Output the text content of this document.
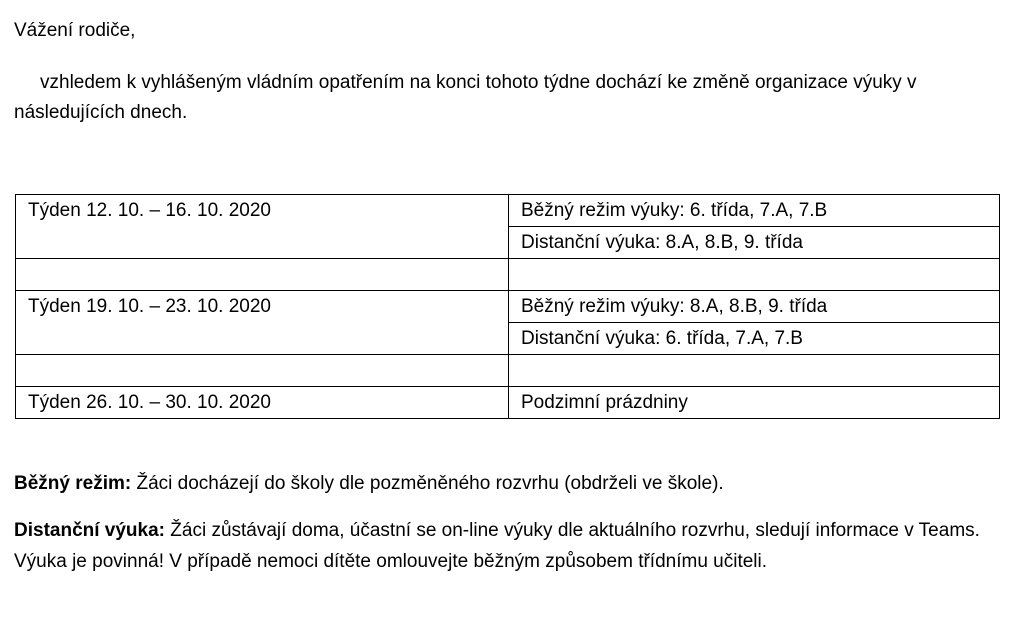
Vážení rodiče,
vzhledem k vyhlášeným vládním opatřením na konci tohoto týdne dochází ke změně organizace výuky v následujících dnech.
Týden 12. 10. – 16. 10. 2020	Běžný režim výuky: 6. třída, 7.A, 7.B
	Distanční výuka: 8.A, 8.B, 9. třída

Týden 19. 10. – 23. 10. 2020	Běžný režim výuky: 8.A, 8.B, 9. třída
	Distanční výuka: 6. třída, 7.A, 7.B

Týden 26. 10. – 30. 10. 2020	Podzimní prázdniny
Běžný režim: Žáci docházejí do školy dle pozměněného rozvrhu (obdrželi ve škole).
Distanční výuka: Žáci zůstávají doma, účastní se on-line výuky dle aktuálního rozvrhu, sledují informace v Teams. Výuka je povinná! V případě nemoci dítěte omlouvejte běžným způsobem třídnímu učiteli.
